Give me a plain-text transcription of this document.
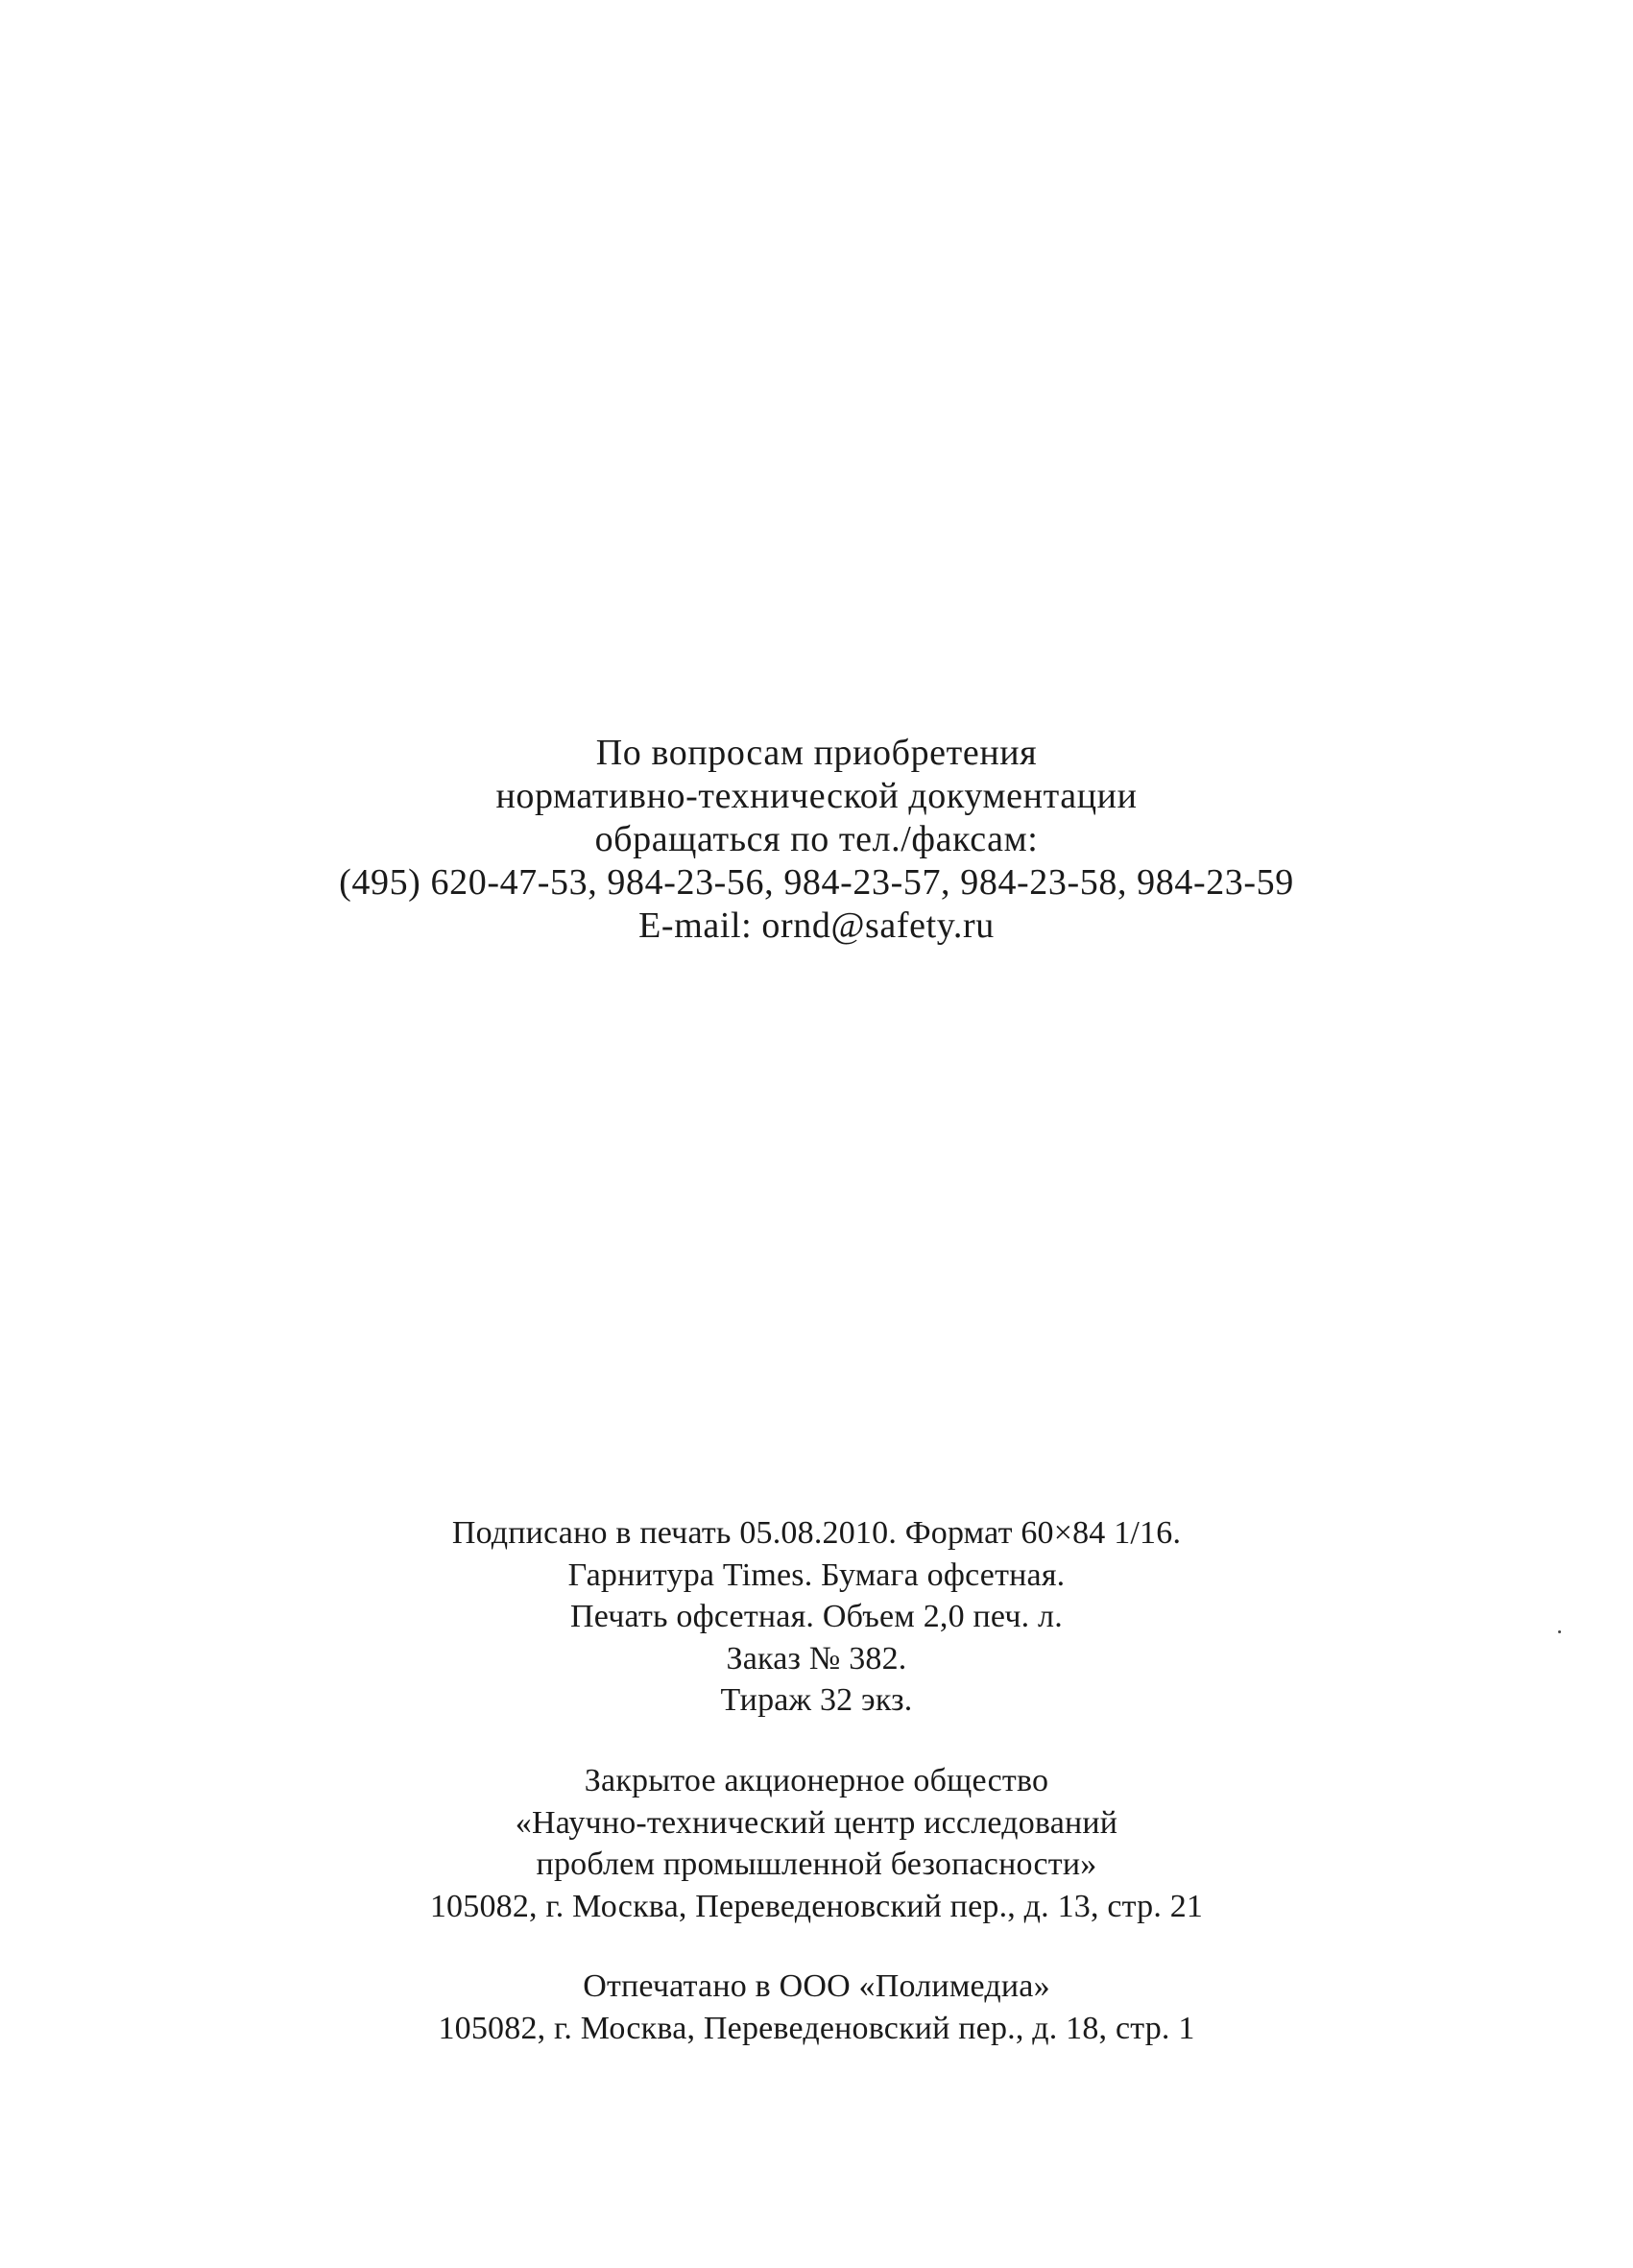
По вопросам приобретения
нормативно-технической документации
обращаться по тел./факсам:
(495) 620-47-53, 984-23-56, 984-23-57, 984-23-58, 984-23-59
E-mail: ornd@safety.ru
Подписано в печать 05.08.2010. Формат 60×84 1/16.
Гарнитура Times. Бумага офсетная.
Печать офсетная. Объем 2,0 печ. л.
Заказ № 382.
Тираж 32 экз.
Закрытое акционерное общество
«Научно-технический центр исследований
проблем промышленной безопасности»
105082, г. Москва, Переведеновский пер., д. 13, стр. 21
Отпечатано в ООО «Полимедиа»
105082, г. Москва, Переведеновский пер., д. 18, стр. 1
